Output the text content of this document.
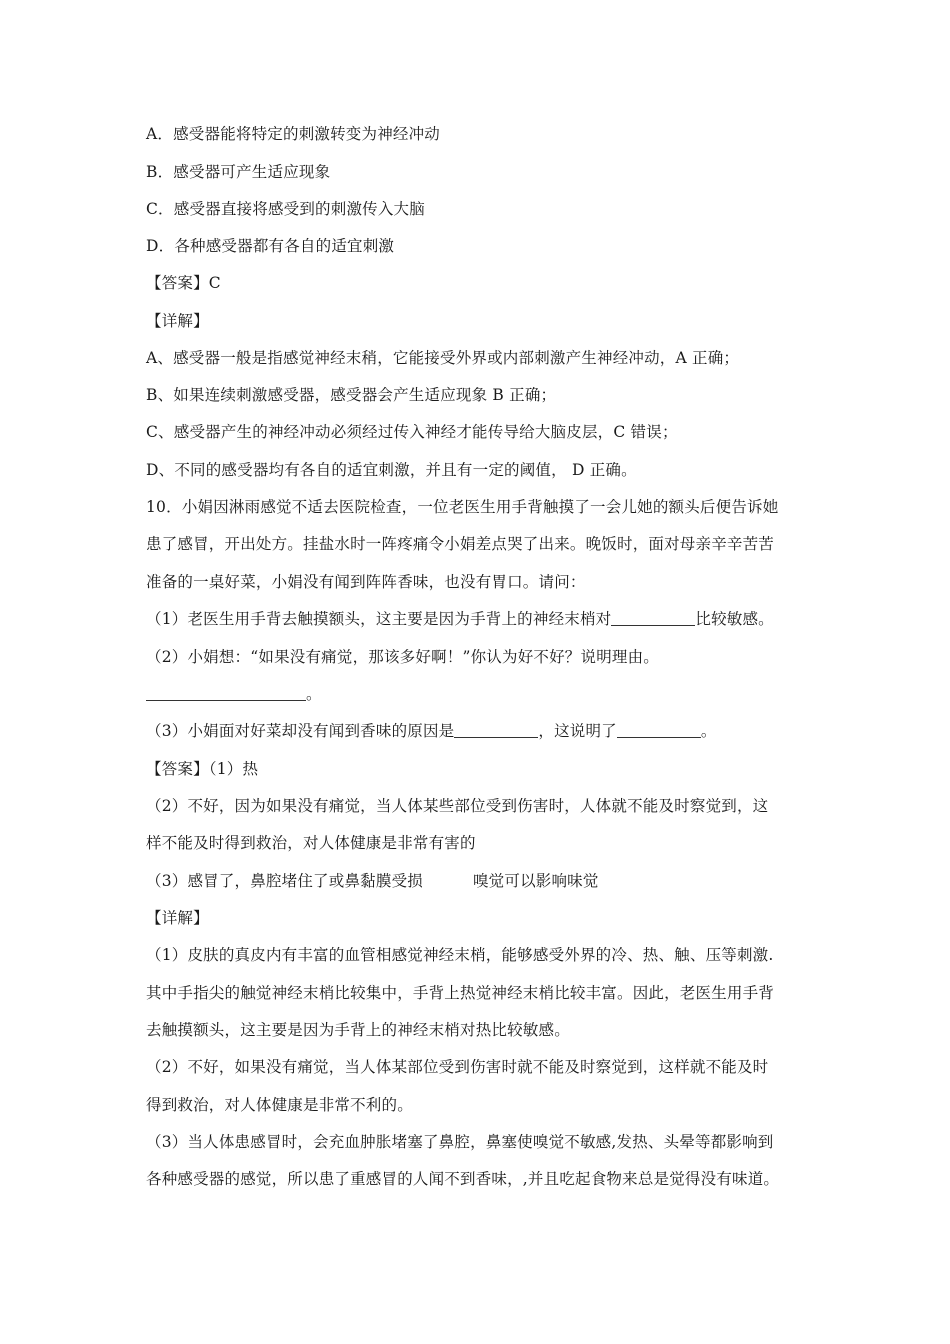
A．感受器能将特定的刺激转变为神经冲动
B．感受器可产生适应现象
C．感受器直接将感受到的刺激传入大脑
D．各种感受器都有各自的适宜刺激
【答案】C
【详解】
A、感受器一般是指感觉神经末稍，它能接受外界或内部刺激产生神经冲动，A 正确；
B、如果连续刺激感受器，感受器会产生适应现象 B 正确；
C、感受器产生的神经冲动必须经过传入神经才能传导给大脑皮层，C 错误；
D、不同的感受器均有各自的适宜刺激，并且有一定的阈值， D 正确。
10．小娟因淋雨感觉不适去医院检查，一位老医生用手背触摸了一会儿她的额头后便告诉她
患了感冒，开出处方。挂盐水时一阵疼痛令小娟差点哭了出来。晚饭时，面对母亲辛辛苦苦
准备的一桌好菜，小娟没有闻到阵阵香味，也没有胃口。请问：
（1）老医生用手背去触摸额头，这主要是因为手背上的神经末梢对	比较敏感。
（2）小娟想：“如果没有痛觉，那该多好啊！”你认为好不好？说明理由。
。
（3）小娟面对好菜却没有闻到香味的原因是	，这说明了	。
【答案】（1）热
（2）不好，因为如果没有痛觉，当人体某些部位受到伤害时，人体就不能及时察觉到，这
样不能及时得到救治，对人体健康是非常有害的
（3）感冒了，鼻腔堵住了或鼻黏膜受损	嗅觉可以影响味觉
【详解】
（1）皮肤的真皮内有丰富的血管相感觉神经末梢，能够感受外界的冷、热、触、压等刺激.
其中手指尖的触觉神经末梢比较集中，手背上热觉神经末梢比较丰富。因此，老医生用手背
去触摸额头，这主要是因为手背上的神经末梢对热比较敏感。
（2）不好，如果没有痛觉，当人体某部位受到伤害时就不能及时察觉到，这样就不能及时
得到救治，对人体健康是非常不利的。
（3）当人体患感冒时，会充血肿胀堵塞了鼻腔，鼻塞使嗅觉不敏感,发热、头晕等都影响到
各种感受器的感觉，所以患了重感冒的人闻不到香味，,并且吃起食物来总是觉得没有味道。
